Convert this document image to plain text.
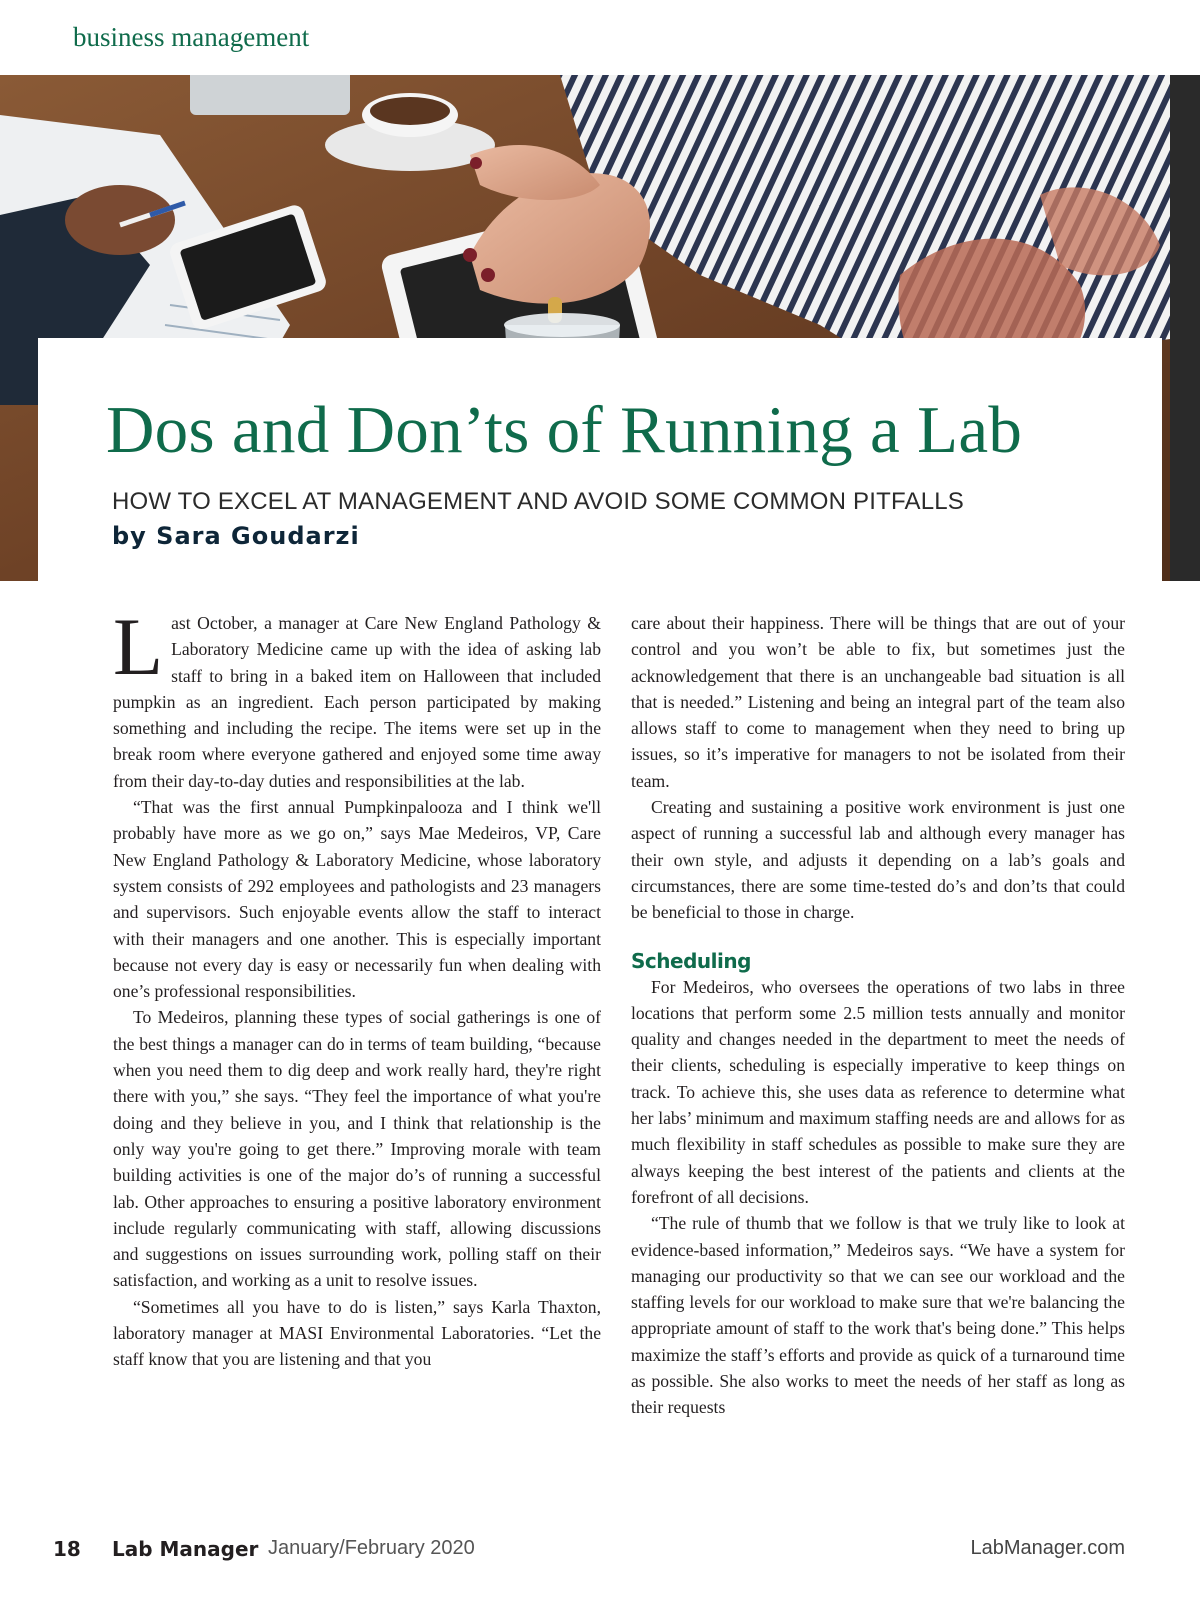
business management
Dos and Don’ts of Running a Lab
HOW TO EXCEL AT MANAGEMENT AND AVOID SOME COMMON PITFALLS
by Sara Goudarzi

Last October, a manager at Care New England Pathology & Laboratory Medicine came up with the idea of asking lab staff to bring in a baked item on Halloween that included pumpkin as an ingredient. Each person participated by making something and including the recipe. The items were set up in the break room where everyone gathered and enjoyed some time away from their day-to-day duties and responsibilities at the lab.

“That was the first annual Pumpkinpalooza and I think we'll probably have more as we go on,” says Mae Medeiros, VP, Care New England Pathology & Laboratory Medicine, whose laboratory system consists of 292 employees and pathologists and 23 managers and supervisors. Such enjoyable events allow the staff to interact with their managers and one another. This is especially important because not every day is easy or necessarily fun when dealing with one’s professional responsibilities.

To Medeiros, planning these types of social gatherings is one of the best things a manager can do in terms of team building, “because when you need them to dig deep and work really hard, they're right there with you,” she says. “They feel the importance of what you're doing and they believe in you, and I think that relationship is the only way you're going to get there.” Improving morale with team building activities is one of the major do’s of running a successful lab. Other approaches to ensuring a positive laboratory environment include regularly communicating with staff, allowing discussions and suggestions on issues surrounding work, polling staff on their satisfaction, and working as a unit to resolve issues.

“Sometimes all you have to do is listen,” says Karla Thaxton, laboratory manager at MASI Environmental Laboratories. “Let the staff know that you are listening and that you

care about their happiness. There will be things that are out of your control and you won’t be able to fix, but sometimes just the acknowledgement that there is an unchangeable bad situation is all that is needed.” Listening and being an integral part of the team also allows staff to come to management when they need to bring up issues, so it’s imperative for managers to not be isolated from their team.

Creating and sustaining a positive work environment is just one aspect of running a successful lab and although every manager has their own style, and adjusts it depending on a lab’s goals and circumstances, there are some time-tested do’s and don’ts that could be beneficial to those in charge.

Scheduling

For Medeiros, who oversees the operations of two labs in three locations that perform some 2.5 million tests annually and monitor quality and changes needed in the department to meet the needs of their clients, scheduling is especially imperative to keep things on track. To achieve this, she uses data as reference to determine what her labs’ minimum and maximum staffing needs are and allows for as much flexibility in staff schedules as possible to make sure they are always keeping the best interest of the patients and clients at the forefront of all decisions.

“The rule of thumb that we follow is that we truly like to look at evidence-based information,” Medeiros says. “We have a system for managing our productivity so that we can see our workload and the staffing levels for our workload to make sure that we're balancing the appropriate amount of staff to the work that's being done.” This helps maximize the staff’s efforts and provide as quick of a turnaround time as possible. She also works to meet the needs of her staff as long as their requests

18 Lab Manager January/February 2020	LabManager.com
